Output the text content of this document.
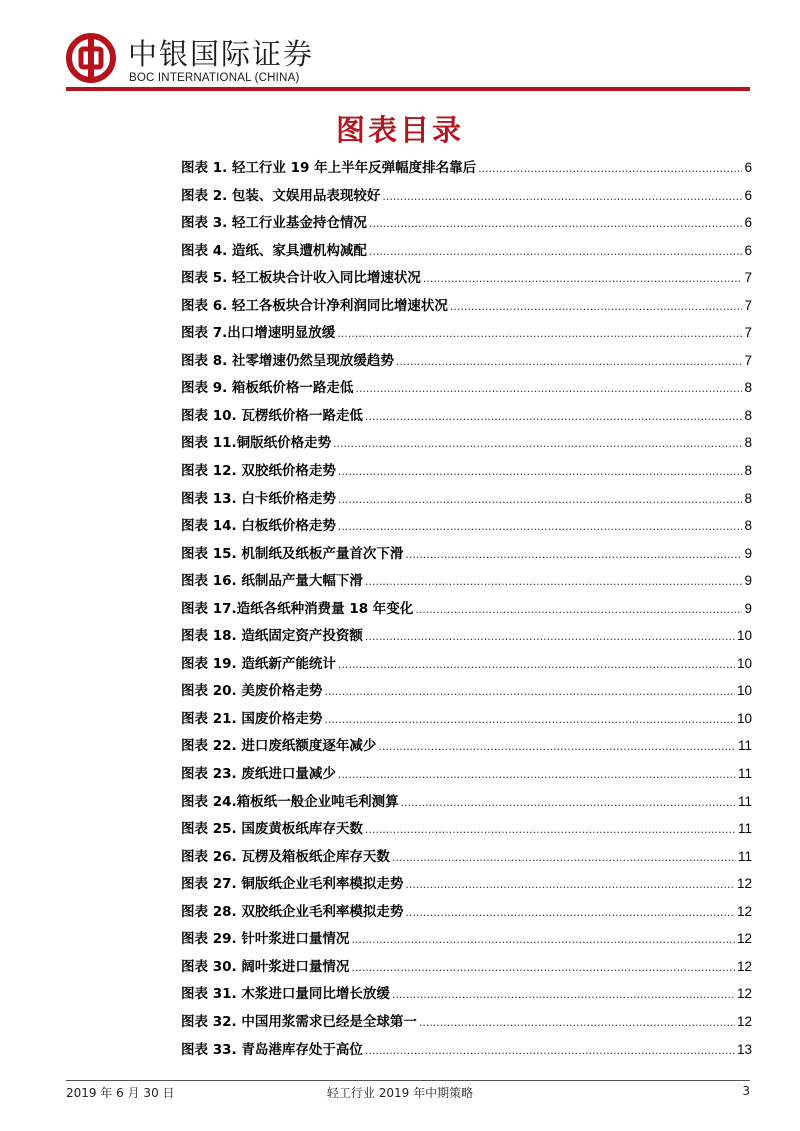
中银国际证券
BOC INTERNATIONAL (CHINA)
图表目录
图表 1. 轻工行业 19 年上半年反弹幅度排名靠后 .....	6
图表 2. 包装、文娱用品表现较好 .....	6
图表 3. 轻工行业基金持仓情况 .....	6
图表 4. 造纸、家具遭机构减配 .....	6
图表 5. 轻工板块合计收入同比增速状况 .....	7
图表 6. 轻工各板块合计净利润同比增速状况 .....	7
图表 7.出口增速明显放缓 .....	7
图表 8. 社零增速仍然呈现放缓趋势 .....	7
图表 9. 箱板纸价格一路走低 .....	8
图表 10. 瓦楞纸价格一路走低 .....	8
图表 11.铜版纸价格走势 .....	8
图表 12. 双胶纸价格走势 .....	8
图表 13. 白卡纸价格走势 .....	8
图表 14. 白板纸价格走势 .....	8
图表 15. 机制纸及纸板产量首次下滑 .....	9
图表 16. 纸制品产量大幅下滑 .....	9
图表 17.造纸各纸种消费量 18 年变化 .....	9
图表 18. 造纸固定资产投资额 .....	10
图表 19. 造纸新产能统计 .....	10
图表 20. 美废价格走势 .....	10
图表 21. 国废价格走势 .....	10
图表 22. 进口废纸额度逐年减少 .....	11
图表 23. 废纸进口量减少 .....	11
图表 24.箱板纸一般企业吨毛利测算 .....	11
图表 25. 国废黄板纸库存天数 .....	11
图表 26. 瓦楞及箱板纸企库存天数 .....	11
图表 27. 铜版纸企业毛利率模拟走势 .....	12
图表 28. 双胶纸企业毛利率模拟走势 .....	12
图表 29. 针叶浆进口量情况 .....	12
图表 30. 阔叶浆进口量情况 .....	12
图表 31. 木浆进口量同比增长放缓 .....	12
图表 32. 中国用浆需求已经是全球第一 .....	12
图表 33. 青岛港库存处于高位 .....	13
2019 年 6 月 30 日	轻工行业 2019 年中期策略	3
